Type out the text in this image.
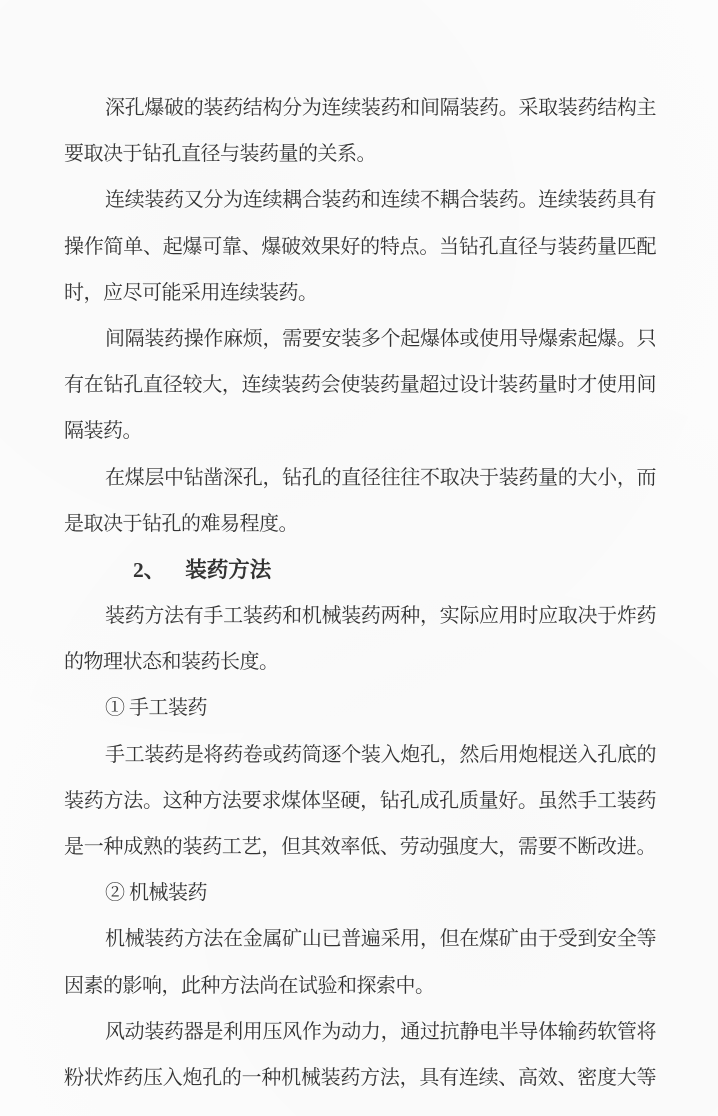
深孔爆破的装药结构分为连续装药和间隔装药。采取装药结构主
要取决于钻孔直径与装药量的关系。
连续装药又分为连续耦合装药和连续不耦合装药。连续装药具有
操作简单、起爆可靠、爆破效果好的特点。当钻孔直径与装药量匹配
时，应尽可能采用连续装药。
间隔装药操作麻烦，需要安装多个起爆体或使用导爆索起爆。只
有在钻孔直径较大，连续装药会使装药量超过设计装药量时才使用间
隔装药。
在煤层中钻凿深孔，钻孔的直径往往不取决于装药量的大小，而
是取决于钻孔的难易程度。
2、 装药方法
装药方法有手工装药和机械装药两种，实际应用时应取决于炸药
的物理状态和装药长度。
① 手工装药
手工装药是将药卷或药筒逐个装入炮孔，然后用炮棍送入孔底的
装药方法。这种方法要求煤体坚硬，钻孔成孔质量好。虽然手工装药
是一种成熟的装药工艺，但其效率低、劳动强度大，需要不断改进。
② 机械装药
机械装药方法在金属矿山已普遍采用，但在煤矿由于受到安全等
因素的影响，此种方法尚在试验和探索中。
风动装药器是利用压风作为动力，通过抗静电半导体输药软管将
粉状炸药压入炮孔的一种机械装药方法，具有连续、高效、密度大等
